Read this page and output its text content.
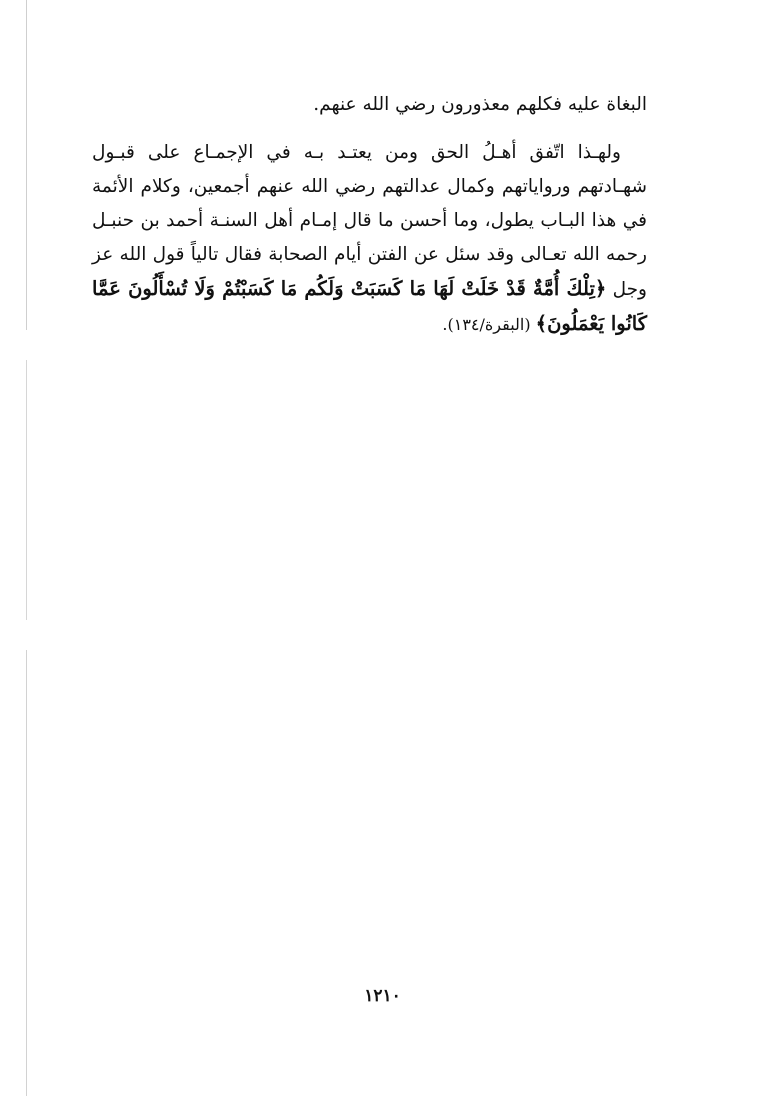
البغاة عليه فكلهم معذورون رضي الله عنهم.

ولهـذا اتّفق أهـلُ الحق ومن يعتـد بـه في الإجمـاع على قبـول شهـادتهم وروایاتهم وكمال عدالتهم رضي الله عنهم أجمعين، وكلام الأئمة في هذا البـاب يطول، وما أحسن ما قال إمـام أهل السنـة أحمد بن حنبـل رحمه الله تعـالى وقد سئل عن الفتن أيام الصحابة فقال تالياً قول الله عز وجل ﴿تِلْكَ أُمَّةٌ قَدْ خَلَتْ لَهَا مَا كَسَبَتْ وَلَكُم مَا كَسَبْتُمْ وَلَا تُسْأَلُونَ عَمَّا كَانُوا يَعْمَلُونَ﴾ (البقرة/١٣٤).

١٢١٠
